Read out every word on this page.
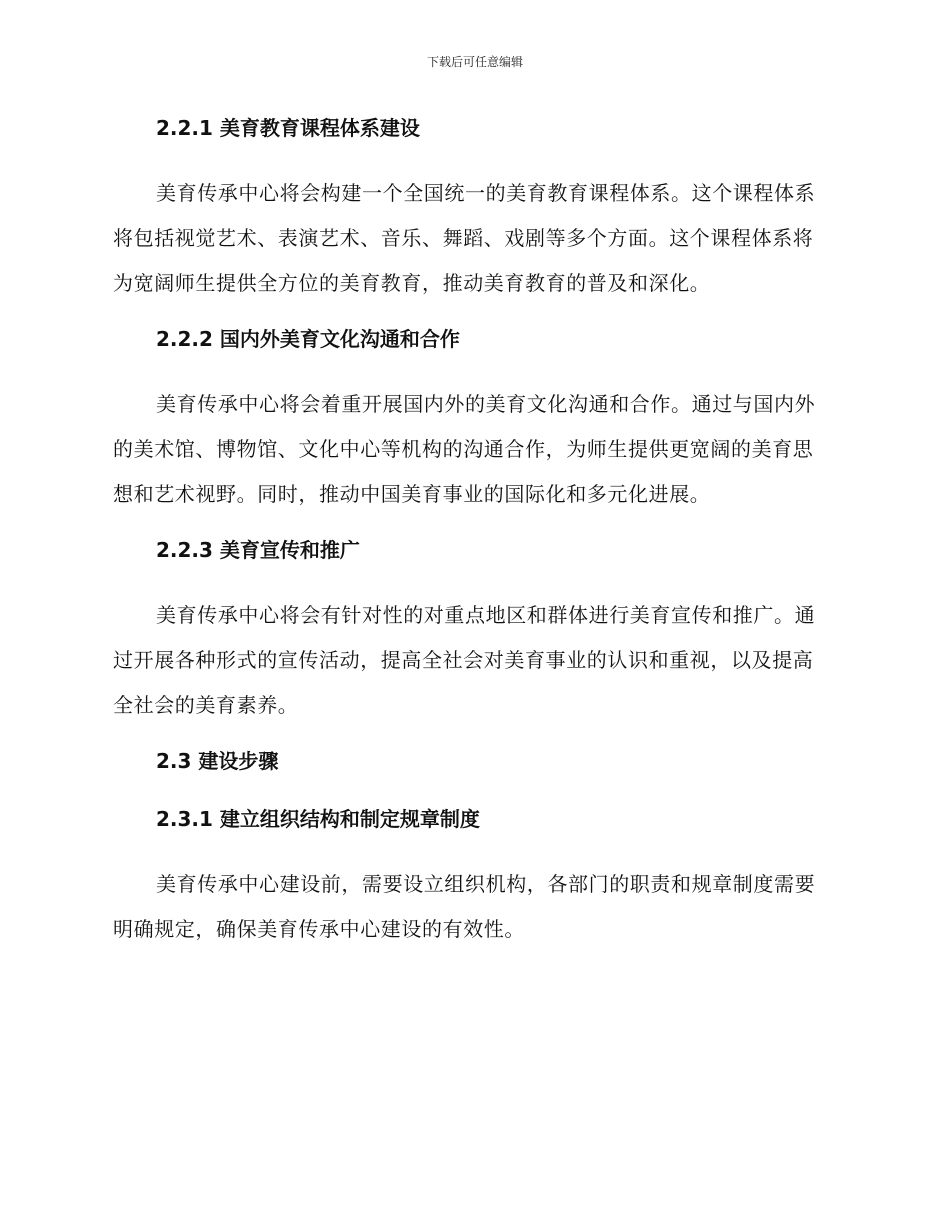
下载后可任意编辑
2.2.1 美育教育课程体系建设

美育传承中心将会构建一个全国统一的美育教育课程体系。这个课程体系将包括视觉艺术、表演艺术、音乐、舞蹈、戏剧等多个方面。这个课程体系将为宽阔师生提供全方位的美育教育，推动美育教育的普及和深化。

2.2.2 国内外美育文化沟通和合作

美育传承中心将会着重开展国内外的美育文化沟通和合作。通过与国内外的美术馆、博物馆、文化中心等机构的沟通合作，为师生提供更宽阔的美育思想和艺术视野。同时，推动中国美育事业的国际化和多元化进展。

2.2.3 美育宣传和推广

美育传承中心将会有针对性的对重点地区和群体进行美育宣传和推广。通过开展各种形式的宣传活动，提高全社会对美育事业的认识和重视，以及提高全社会的美育素养。

2.3 建设步骤
2.3.1 建立组织结构和制定规章制度

美育传承中心建设前，需要设立组织机构，各部门的职责和规章制度需要明确规定，确保美育传承中心建设的有效性。
